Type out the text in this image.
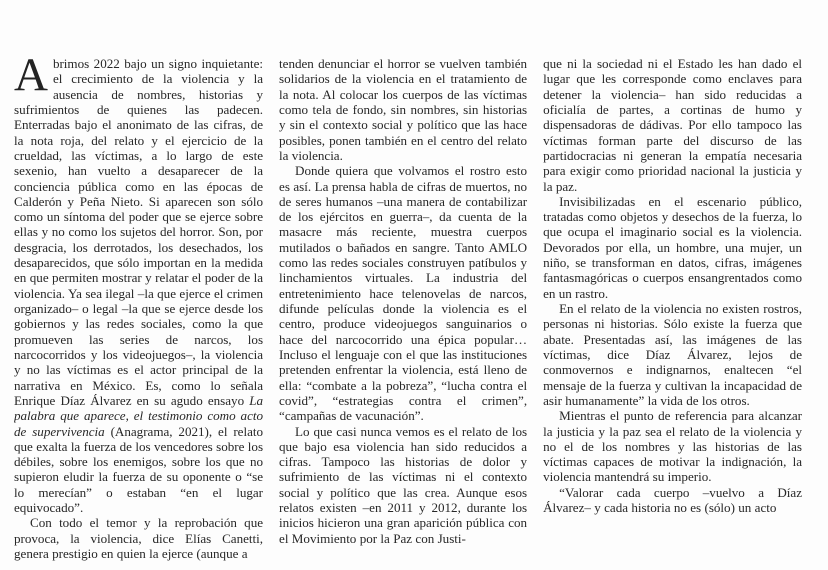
Abrimos 2022 bajo un signo inquietante: el crecimiento de la violencia y la ausencia de nombres, historias y sufrimientos de quienes las padecen. Enterradas bajo el anonimato de las cifras, de la nota roja, del relato y el ejercicio de la crueldad, las víctimas, a lo largo de este sexenio, han vuelto a desaparecer de la conciencia pública como en las épocas de Calderón y Peña Nieto. Si aparecen son sólo como un síntoma del poder que se ejerce sobre ellas y no como los sujetos del horror. Son, por desgracia, los derrotados, los desechados, los desaparecidos, que sólo importan en la medida en que permiten mostrar y relatar el poder de la violencia. Ya sea ilegal –la que ejerce el crimen organizado– o legal –la que se ejerce desde los gobiernos y las redes sociales, como la que promueven las series de narcos, los narcocorridos y los videojuegos–, la violencia y no las víctimas es el actor principal de la narrativa en México. Es, como lo señala Enrique Díaz Álvarez en su agudo ensayo La palabra que aparece, el testimonio como acto de supervivencia (Anagrama, 2021), el relato que exalta la fuerza de los vencedores sobre los débiles, sobre los enemigos, sobre los que no supieron eludir la fuerza de su oponente o “se lo merecían” o estaban “en el lugar equivocado”.

Con todo el temor y la reprobación que provoca, la violencia, dice Elías Canetti, genera prestigio en quien la ejerce (aunque a

tenden denunciar el horror se vuelven también solidarios de la violencia en el tratamiento de la nota. Al colocar los cuerpos de las víctimas como tela de fondo, sin nombres, sin historias y sin el contexto social y político que las hace posibles, ponen también en el centro del relato la violencia.

Donde quiera que volvamos el rostro esto es así. La prensa habla de cifras de muertos, no de seres humanos –una manera de contabilizar de los ejércitos en guerra–, da cuenta de la masacre más reciente, muestra cuerpos mutilados o bañados en sangre. Tanto AMLO como las redes sociales construyen patíbulos y linchamientos virtuales. La industria del entretenimiento hace telenovelas de narcos, difunde películas donde la violencia es el centro, produce videojuegos sanguinarios o hace del narcocorrido una épica popular… Incluso el lenguaje con el que las instituciones pretenden enfrentar la violencia, está lleno de ella: “combate a la pobreza”, “lucha contra el covid”, “estrategias contra el crimen”, “campañas de vacunación”.

Lo que casi nunca vemos es el relato de los que bajo esa violencia han sido reducidos a cifras. Tampoco las historias de dolor y sufrimiento de las víctimas ni el contexto social y político que las crea. Aunque esos relatos existen –en 2011 y 2012, durante los inicios hicieron una gran aparición pública con el Movimiento por la Paz con Justi-

que ni la sociedad ni el Estado les han dado el lugar que les corresponde como enclaves para detener la violencia– han sido reducidas a oficialía de partes, a cortinas de humo y dispensadoras de dádivas. Por ello tampoco las víctimas forman parte del discurso de las partidocracias ni generan la empatía necesaria para exigir como prioridad nacional la justicia y la paz.

Invisibilizadas en el escenario público, tratadas como objetos y desechos de la fuerza, lo que ocupa el imaginario social es la violencia. Devorados por ella, un hombre, una mujer, un niño, se transforman en datos, cifras, imágenes fantasmagóricas o cuerpos ensangrentados como en un rastro.

En el relato de la violencia no existen rostros, personas ni historias. Sólo existe la fuerza que abate. Presentadas así, las imágenes de las víctimas, dice Díaz Álvarez, lejos de conmovernos e indignarnos, enaltecen “el mensaje de la fuerza y cultivan la incapacidad de asir humanamente” la vida de los otros.

Mientras el punto de referencia para alcanzar la justicia y la paz sea el relato de la violencia y no el de los nombres y las historias de las víctimas capaces de motivar la indignación, la violencia mantendrá su imperio.

“Valorar cada cuerpo –vuelvo a Díaz Álvarez– y cada historia no es (sólo) un acto
